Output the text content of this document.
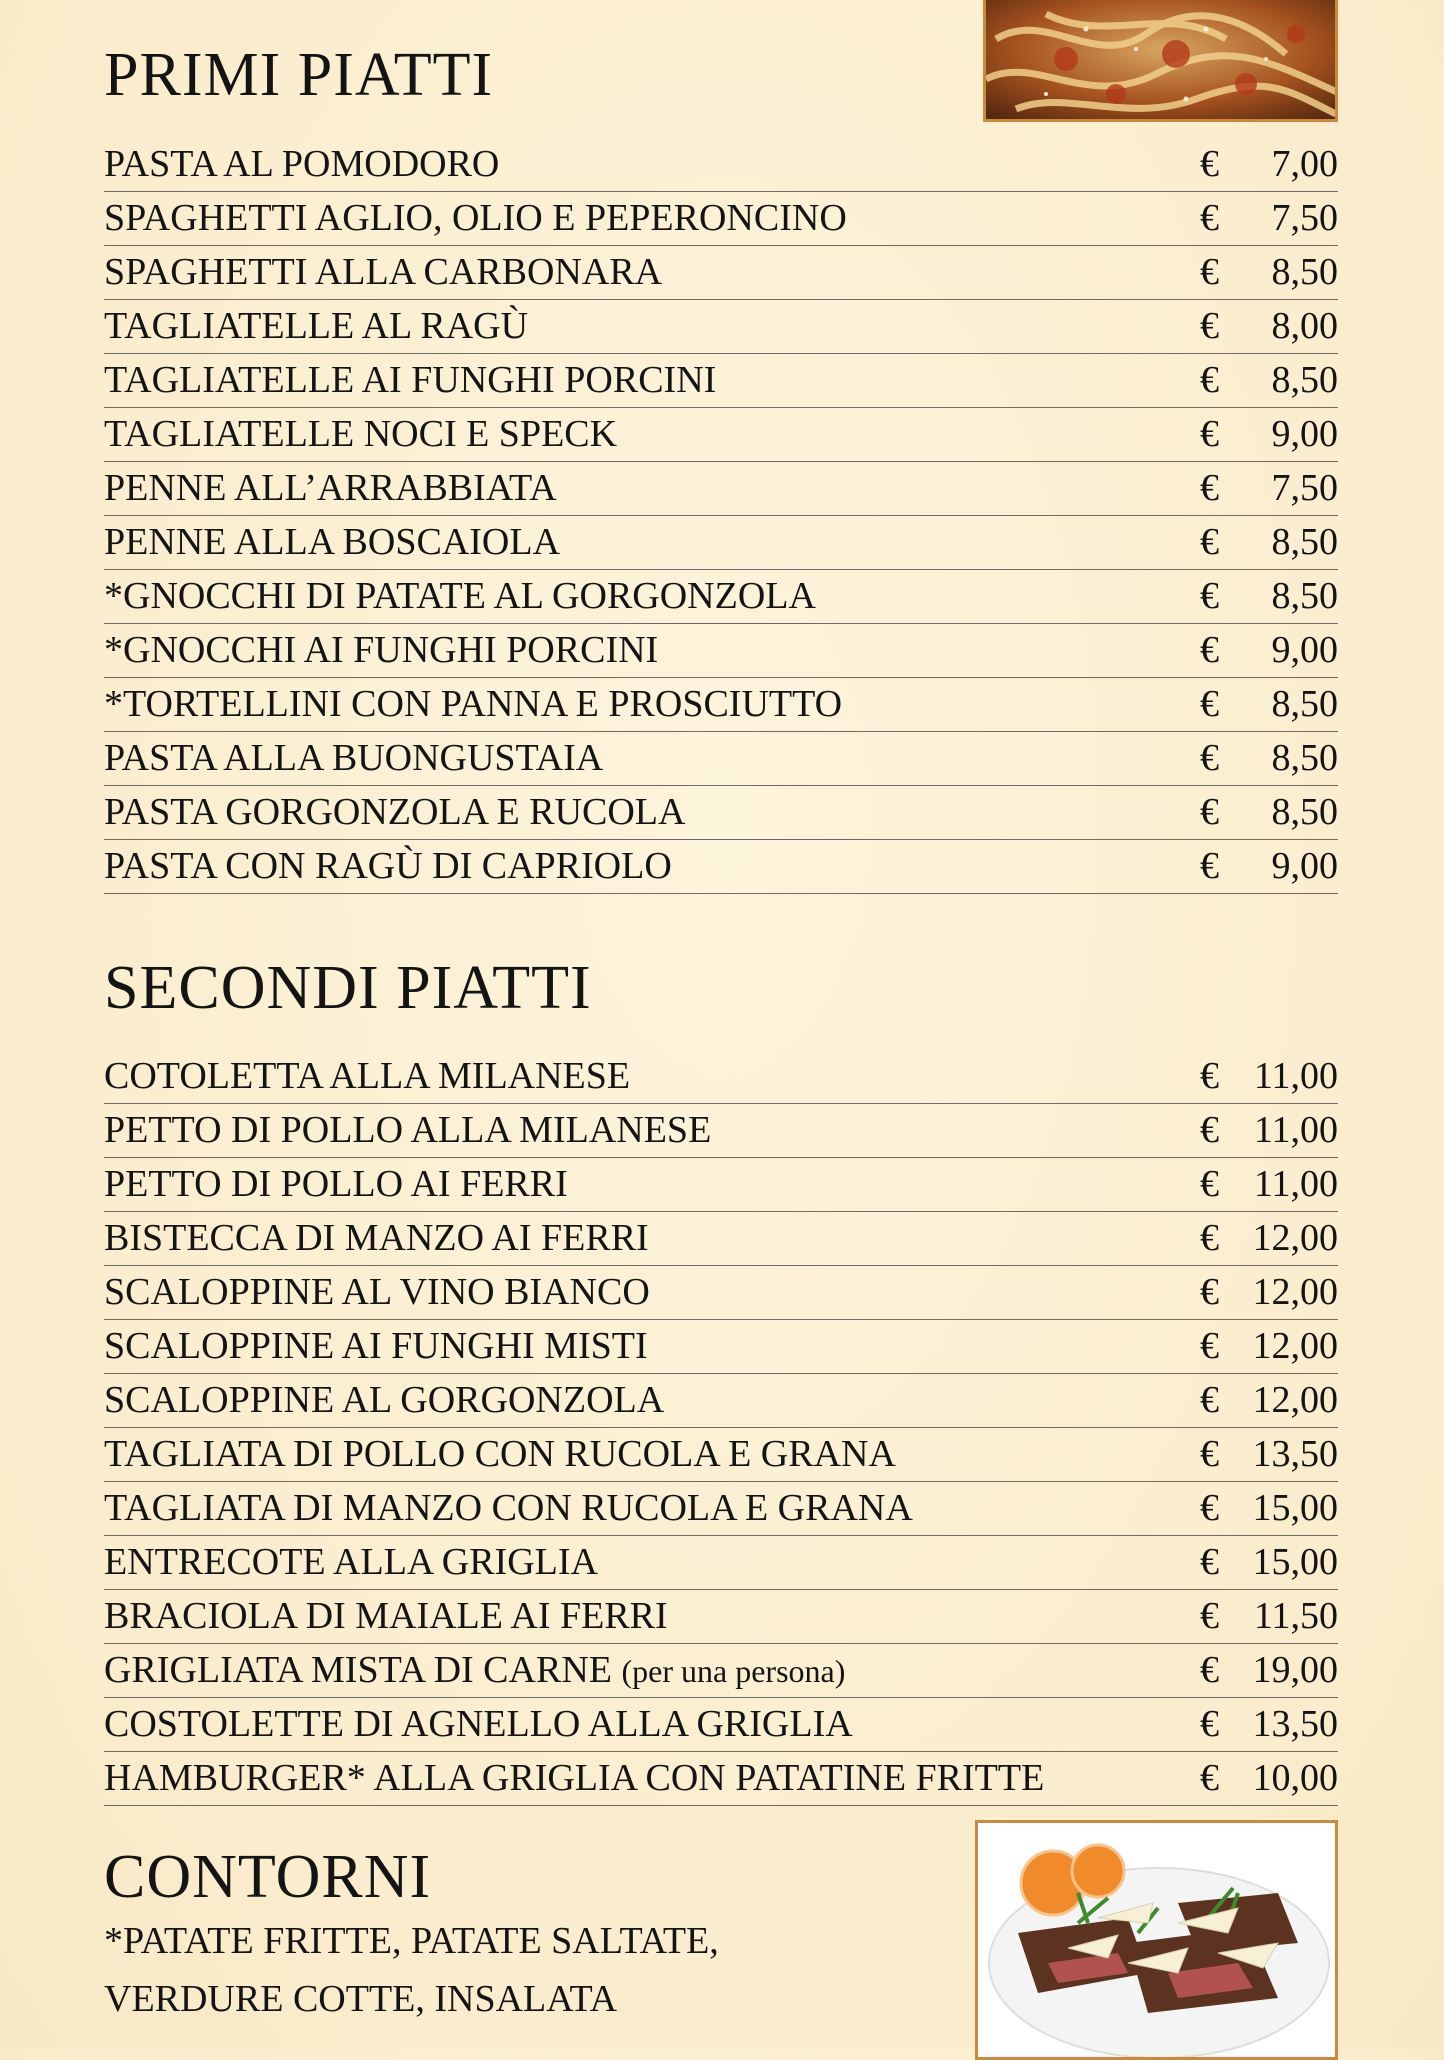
PRIMI PIATTI
PASTA AL POMODORO	€	7,00
SPAGHETTI AGLIO, OLIO E PEPERONCINO	€	7,50
SPAGHETTI ALLA CARBONARA	€	8,50
TAGLIATELLE AL RAGÙ	€	8,00
TAGLIATELLE AI FUNGHI PORCINI	€	8,50
TAGLIATELLE NOCI E SPECK	€	9,00
PENNE ALL’ARRABBIATA	€	7,50
PENNE ALLA BOSCAIOLA	€	8,50
*GNOCCHI DI PATATE AL GORGONZOLA	€	8,50
*GNOCCHI AI FUNGHI PORCINI	€	9,00
*TORTELLINI CON PANNA E PROSCIUTTO	€	8,50
PASTA ALLA BUONGUSTAIA	€	8,50
PASTA GORGONZOLA E RUCOLA	€	8,50
PASTA CON RAGÙ DI CAPRIOLO	€	9,00
SECONDI PIATTI
COTOLETTA ALLA MILANESE	€ 11,00
PETTO DI POLLO ALLA MILANESE	€ 11,00
PETTO DI POLLO AI FERRI	€ 11,00
BISTECCA DI MANZO AI FERRI	€ 12,00
SCALOPPINE AL VINO BIANCO	€ 12,00
SCALOPPINE AI FUNGHI MISTI	€ 12,00
SCALOPPINE AL GORGONZOLA	€ 12,00
TAGLIATA DI POLLO CON RUCOLA E GRANA	€ 13,50
TAGLIATA DI MANZO CON RUCOLA E GRANA	€ 15,00
ENTRECOTE ALLA GRIGLIA	€ 15,00
BRACIOLA DI MAIALE AI FERRI	€ 11,50
GRIGLIATA MISTA DI CARNE (per una persona)	€ 19,00
COSTOLETTE DI AGNELLO ALLA GRIGLIA	€ 13,50
HAMBURGER* ALLA GRIGLIA CON PATATINE FRITTE	€ 10,00
CONTORNI

*PATATE FRITTE, PATATE SALTATE,

VERDURE COTTE, INSALATA
